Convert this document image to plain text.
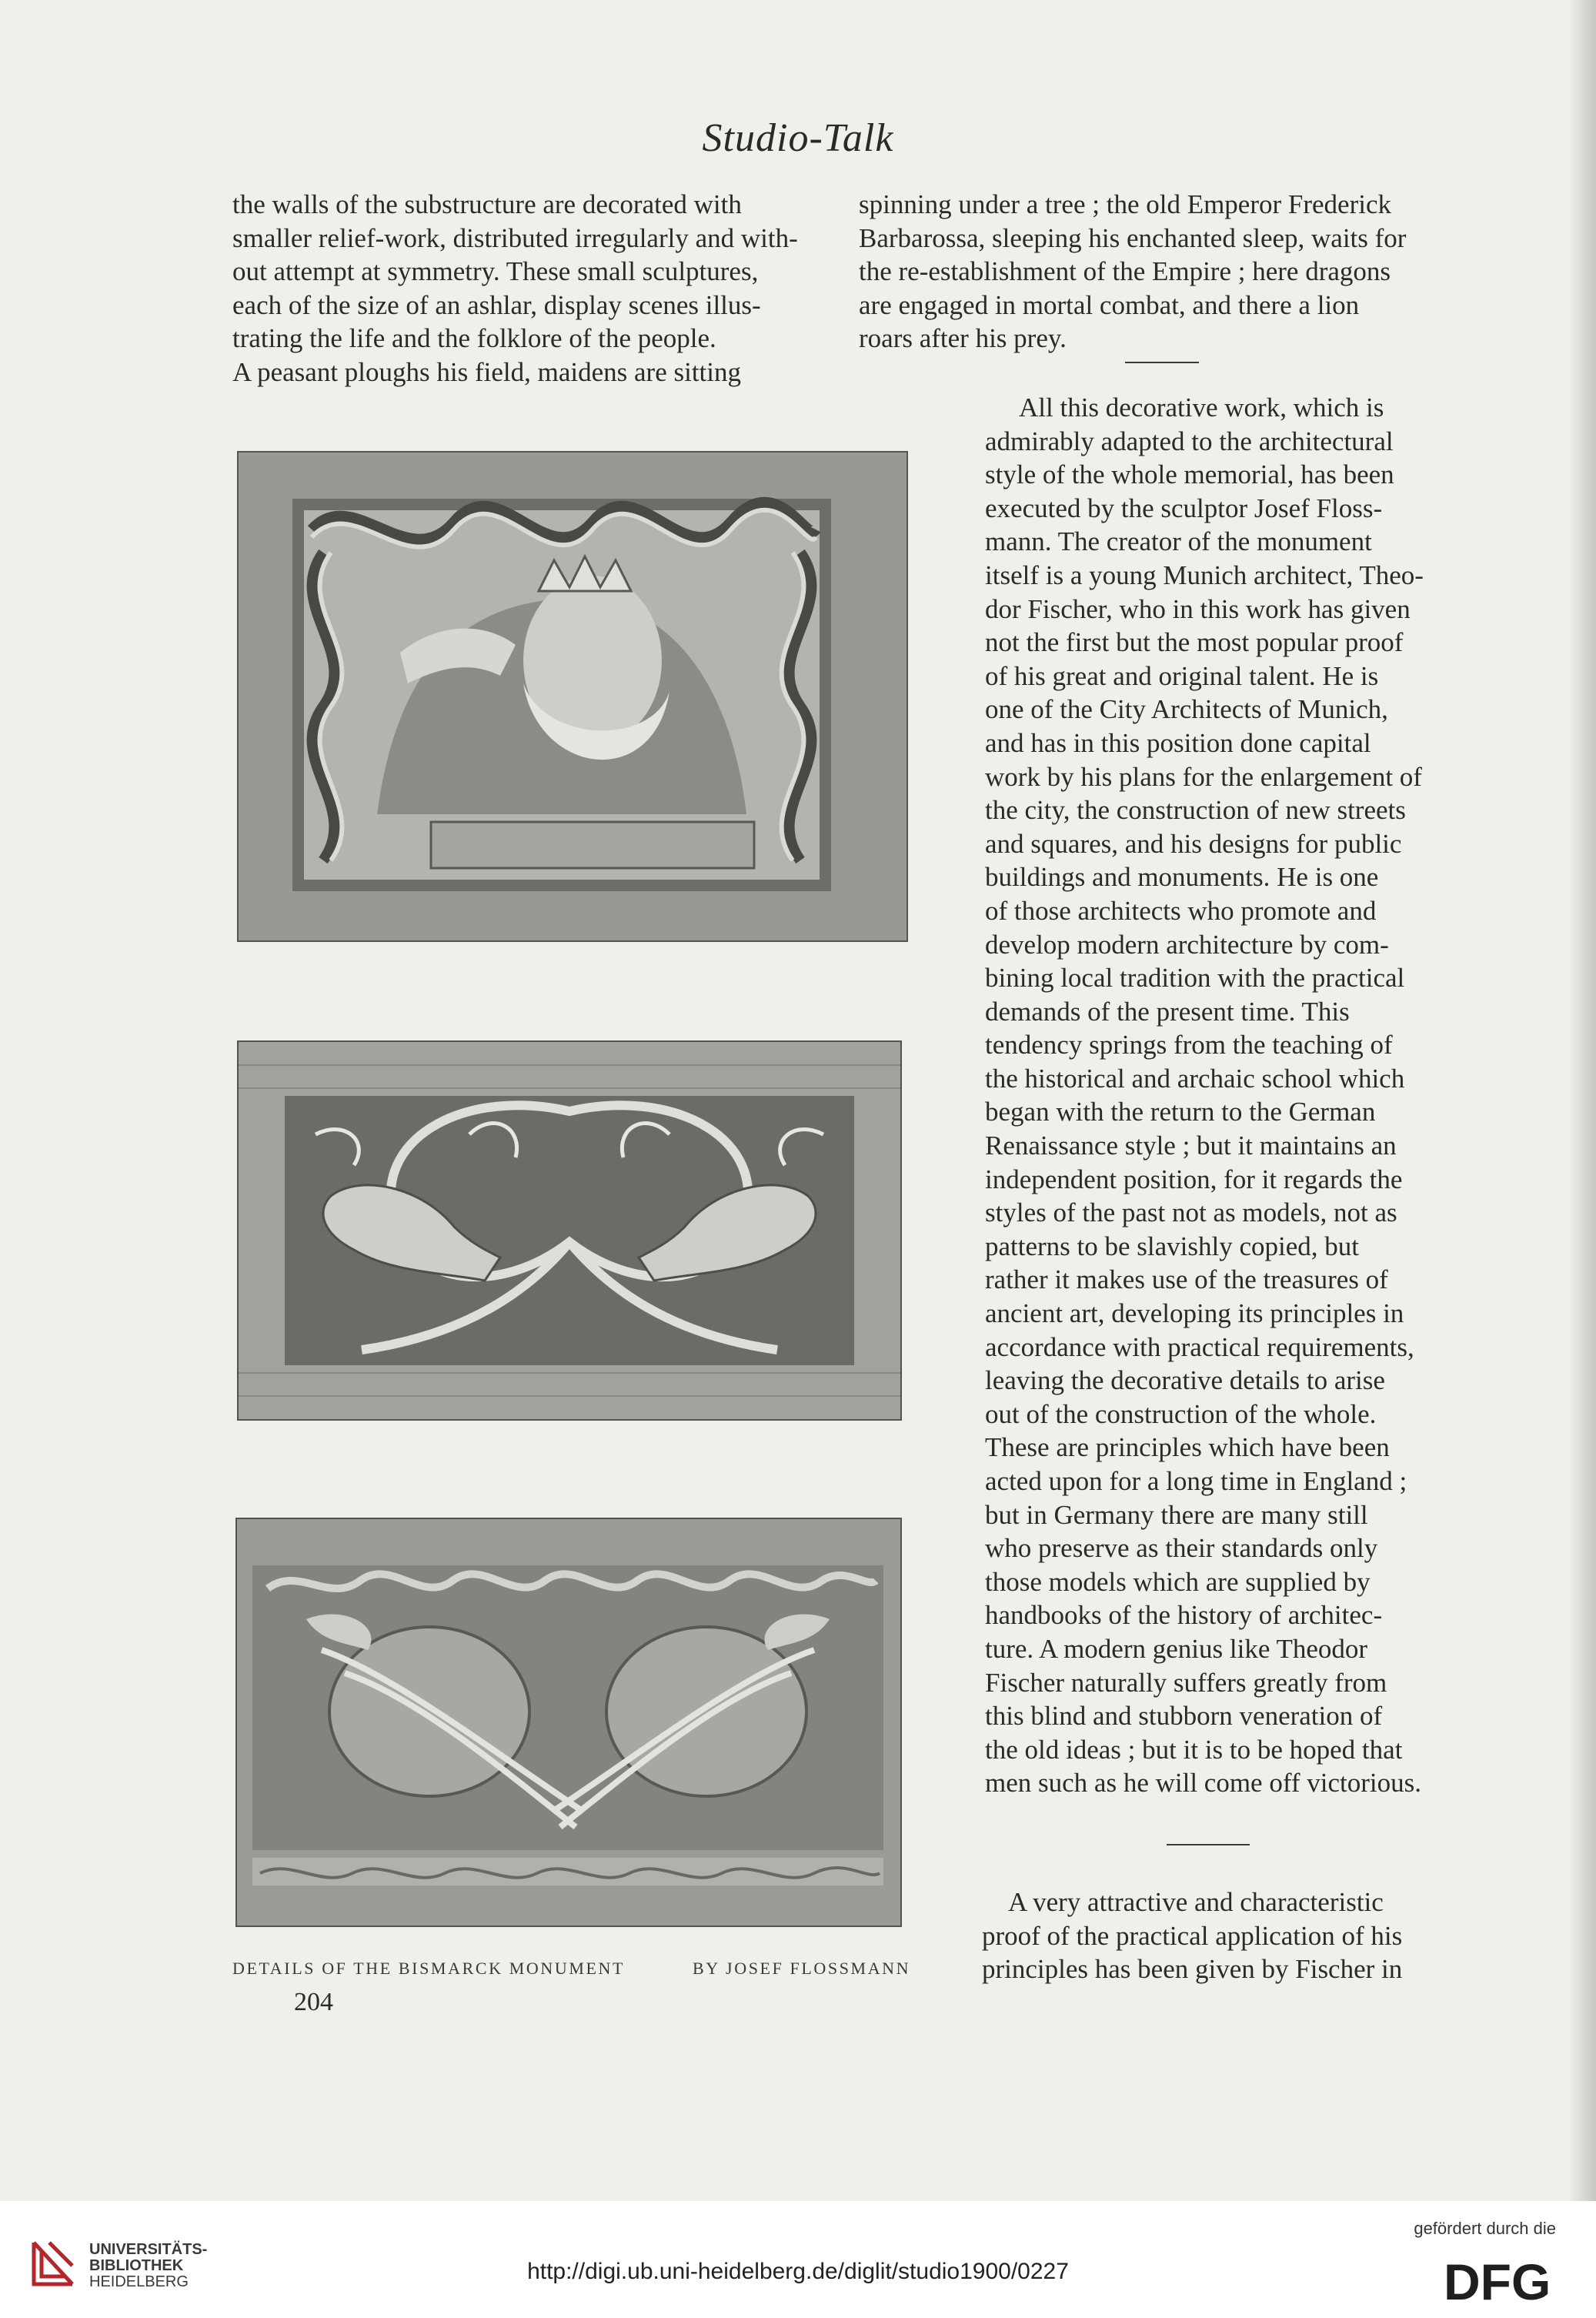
Studio-Talk

the walls of the substructure are decorated with

smaller relief-work, distributed irregularly and with-

out attempt at symmetry. These small sculptures,

each of the size of an ashlar, display scenes illus-

trating the life and the folklore of the people.

A peasant ploughs his field, maidens are sitting

spinning under a tree ; the old Emperor Frederick

Barbarossa, sleeping his enchanted sleep, waits for

the re-establishment of the Empire ; here dragons

are engaged in mortal combat, and there a lion

roars after his prey.

All this decorative work, which is

admirably adapted to the architectural

style of the whole memorial, has been

executed by the sculptor Josef Floss-

mann. The creator of the monument

itself is a young Munich architect, Theo-

dor Fischer, who in this work has given

not the first but the most popular proof

of his great and original talent. He is

one of the City Architects of Munich,

and has in this position done capital

work by his plans for the enlargement of

the city, the construction of new streets

and squares, and his designs for public

buildings and monuments. He is one

of those architects who promote and

develop modern architecture by com-

bining local tradition with the practical

demands of the present time. This

tendency springs from the teaching of

the historical and archaic school which

began with the return to the German

Renaissance style ; but it maintains an

independent position, for it regards the

styles of the past not as models, not as

patterns to be slavishly copied, but

rather it makes use of the treasures of

ancient art, developing its principles in

accordance with practical requirements,

leaving the decorative details to arise

out of the construction of the whole.

These are principles which have been

acted upon for a long time in England ;

but in Germany there are many still

who preserve as their standards only

those models which are supplied by

handbooks of the history of architec-

ture. A modern genius like Theodor

Fischer naturally suffers greatly from

this blind and stubborn veneration of

the old ideas ; but it is to be hoped that

men such as he will come off victorious.

A very attractive and characteristic

proof of the practical application of his

principles has been given by Fischer in

DETAILS OF THE BISMARCK MONUMENT	BY JOSEF FLOSSMANN
204
UNIVERSITÄTS-
BIBLIOTHEK
HEIDELBERG	http://digi.ub.uni-heidelberg.de/diglit/studio1900/0227
gefördert durch die
DFG
